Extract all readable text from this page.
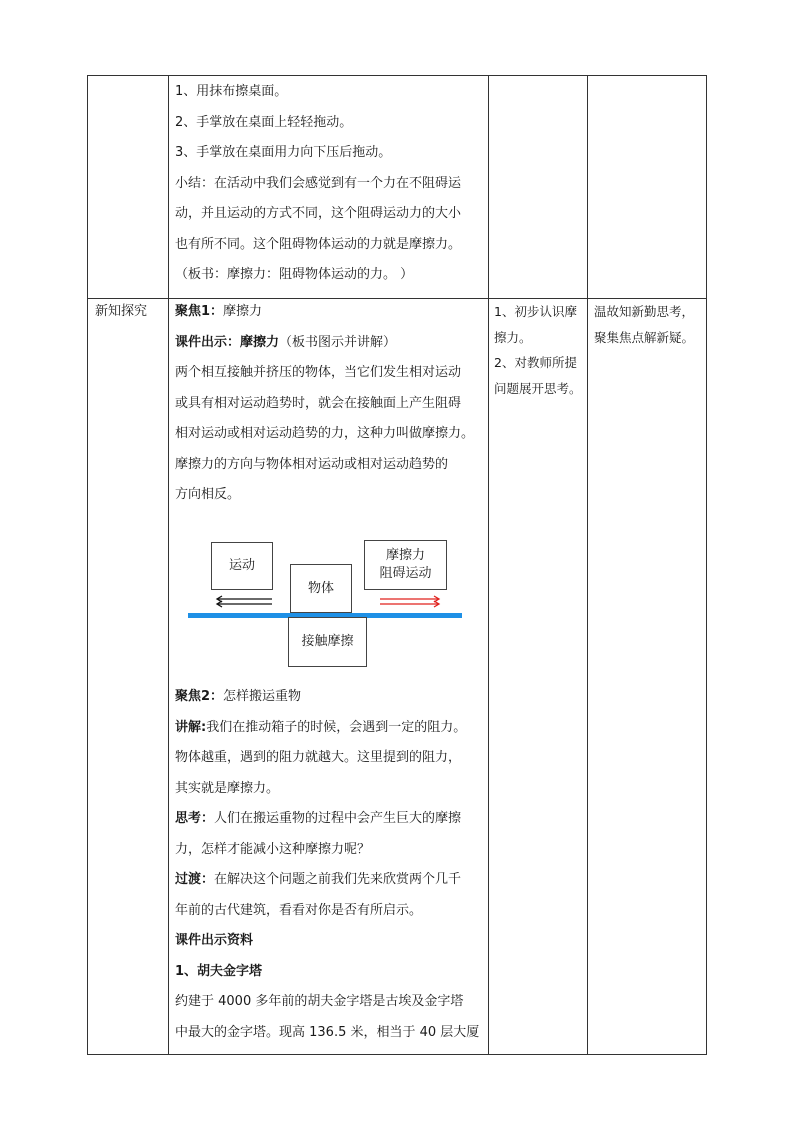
1、用抹布擦桌面。

2、手掌放在桌面上轻轻拖动。

3、手掌放在桌面用力向下压后拖动。

小结：在活动中我们会感觉到有一个力在不阻碍运

动，并且运动的方式不同，这个阻碍运动力的大小

也有所不同。这个阻碍物体运动的力就是摩擦力。

（板书：摩擦力：阻碍物体运动的力。 ）

新知探究 聚焦1：摩擦力

课件出示：摩擦力（板书图示并讲解）

两个相互接触并挤压的物体，当它们发生相对运动

或具有相对运动趋势时，就会在接触面上产生阻碍

相对运动或相对运动趋势的力，这种力叫做摩擦力。

摩擦力的方向与物体相对运动或相对运动趋势的

方向相反。

运动
物体
摩擦力
阻碍运动
接触摩擦

聚焦2：怎样搬运重物

讲解:我们在推动箱子的时候，会遇到一定的阻力。

物体越重，遇到的阻力就越大。这里提到的阻力，

其实就是摩擦力。

思考：人们在搬运重物的过程中会产生巨大的摩擦

力，怎样才能减小这种摩擦力呢？

过渡：在解决这个问题之前我们先来欣赏两个几千

年前的古代建筑，看看对你是否有所启示。

课件出示资料

1、胡夫金字塔

约建于 4000 多年前的胡夫金字塔是古埃及金字塔

中最大的金字塔。现高 136.5 米，相当于 40 层大厦

1、初步认识摩

擦力。

2、对教师所提

问题展开思考。

温故知新勤思考，

聚集焦点解新疑。
